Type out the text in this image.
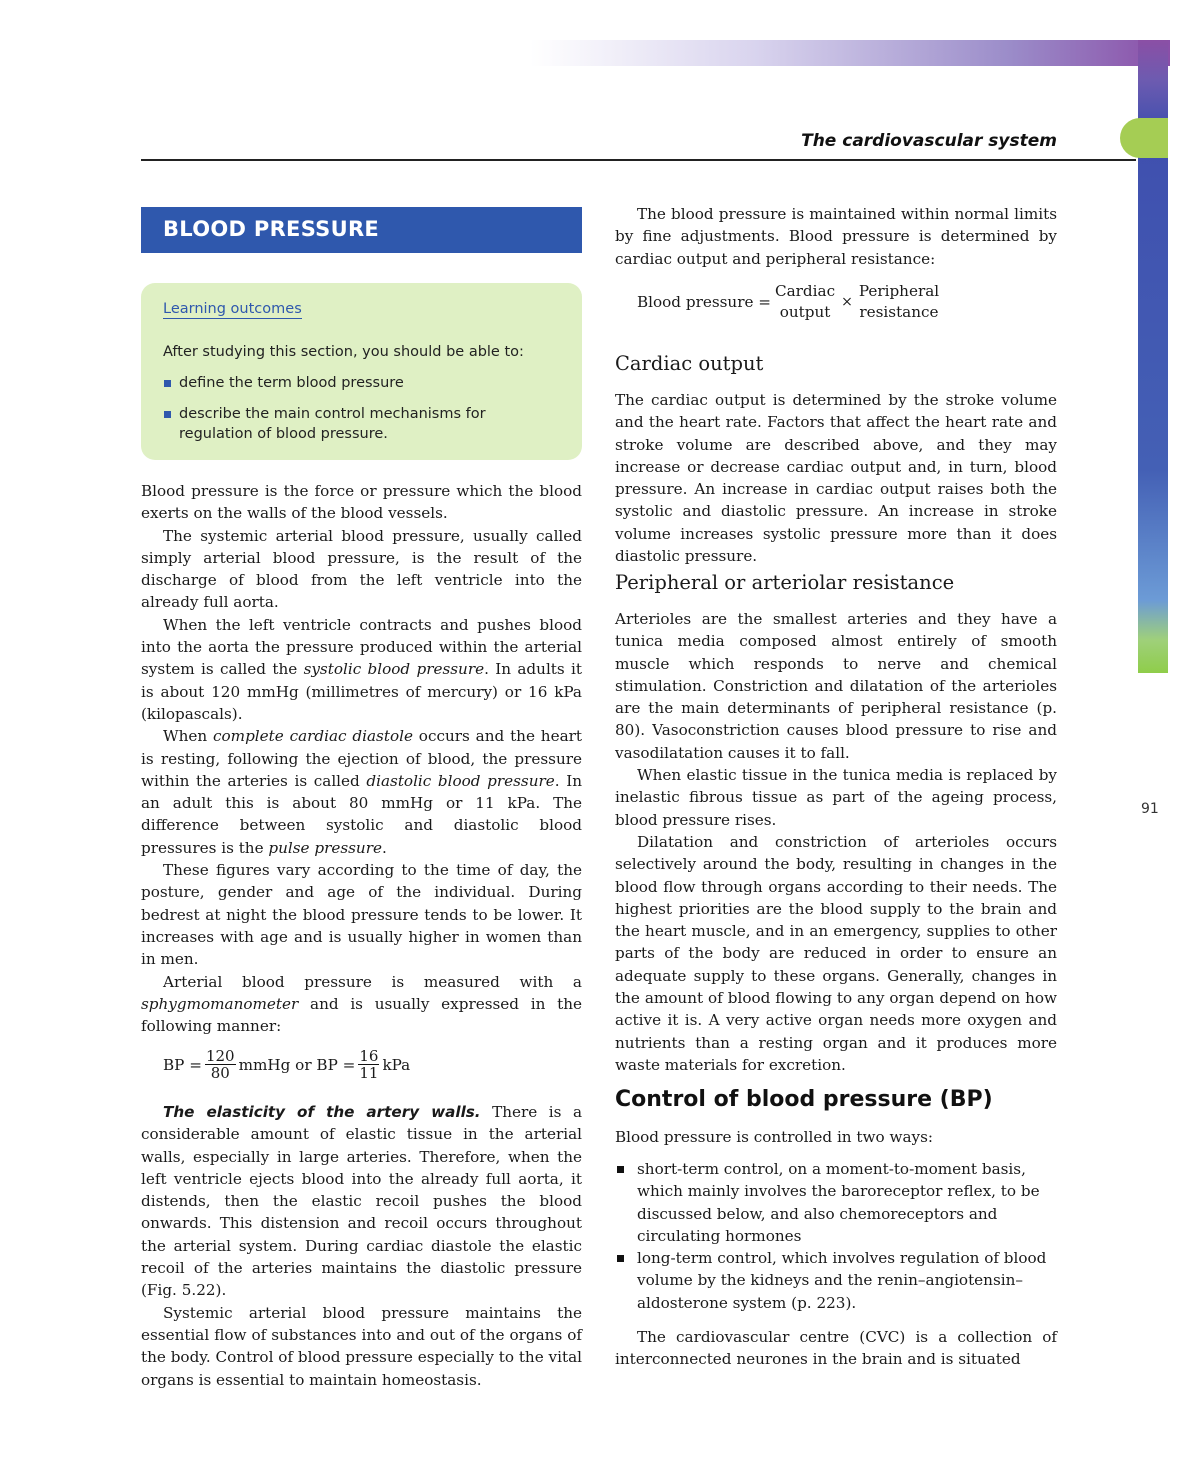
The cardiovascular system
91
BLOOD PRESSURE
Learning outcomes
After studying this section, you should be able to:
define the term blood pressure
describe the main control mechanisms for regulation of blood pressure.

Blood pressure is the force or pressure which the blood exerts on the walls of the blood vessels.

The systemic arterial blood pressure, usually called simply arterial blood pressure, is the result of the discharge of blood from the left ventricle into the already full aorta.

When the left ventricle contracts and pushes blood into the aorta the pressure produced within the arterial system is called the systolic blood pressure. In adults it is about 120 mmHg (millimetres of mercury) or 16 kPa (kilopascals).

When complete cardiac diastole occurs and the heart is resting, following the ejection of blood, the pressure within the arteries is called diastolic blood pressure. In an adult this is about 80 mmHg or 11 kPa. The difference between systolic and diastolic blood pressures is the pulse pressure.

These figures vary according to the time of day, the posture, gender and age of the individual. During bedrest at night the blood pressure tends to be lower. It increases with age and is usually higher in women than in men.

Arterial blood pressure is measured with a sphygmomanometer and is usually expressed in the following manner:

BP = $\frac{120}{80}$ mmHg or BP = $\frac{16}{11}$ kPa

The elasticity of the artery walls. There is a considerable amount of elastic tissue in the arterial walls, especially in large arteries. Therefore, when the left ventricle ejects blood into the already full aorta, it distends, then the elastic recoil pushes the blood onwards. This distension and recoil occurs throughout the arterial system. During cardiac diastole the elastic recoil of the arteries maintains the diastolic pressure (Fig. 5.22).

Systemic arterial blood pressure maintains the essential flow of substances into and out of the organs of the body. Control of blood pressure especially to the vital organs is essential to maintain homeostasis.

The blood pressure is maintained within normal limits by fine adjustments. Blood pressure is determined by cardiac output and peripheral resistance:

Blood pressure =
Cardiac
output
×
Peripheral
resistance
Cardiac output

The cardiac output is determined by the stroke volume and the heart rate. Factors that affect the heart rate and stroke volume are described above, and they may increase or decrease cardiac output and, in turn, blood pressure. An increase in cardiac output raises both the systolic and diastolic pressure. An increase in stroke volume increases systolic pressure more than it does diastolic pressure.

Peripheral or arteriolar resistance

Arterioles are the smallest arteries and they have a tunica media composed almost entirely of smooth muscle which responds to nerve and chemical stimulation. Constriction and dilatation of the arterioles are the main determinants of peripheral resistance (p. 80). Vasoconstriction causes blood pressure to rise and vasodilatation causes it to fall.

When elastic tissue in the tunica media is replaced by inelastic fibrous tissue as part of the ageing process, blood pressure rises.

Dilatation and constriction of arterioles occurs selectively around the body, resulting in changes in the blood flow through organs according to their needs. The highest priorities are the blood supply to the brain and the heart muscle, and in an emergency, supplies to other parts of the body are reduced in order to ensure an adequate supply to these organs. Generally, changes in the amount of blood flowing to any organ depend on how active it is. A very active organ needs more oxygen and nutrients than a resting organ and it produces more waste materials for excretion.

Control of blood pressure (BP)

Blood pressure is controlled in two ways:

short-term control, on a moment-to-moment basis, which mainly involves the baroreceptor reflex, to be discussed below, and also chemoreceptors and circulating hormones
long-term control, which involves regulation of blood volume by the kidneys and the renin–angiotensin–aldosterone system (p. 223).

The cardiovascular centre (CVC) is a collection of interconnected neurones in the brain and is situated
